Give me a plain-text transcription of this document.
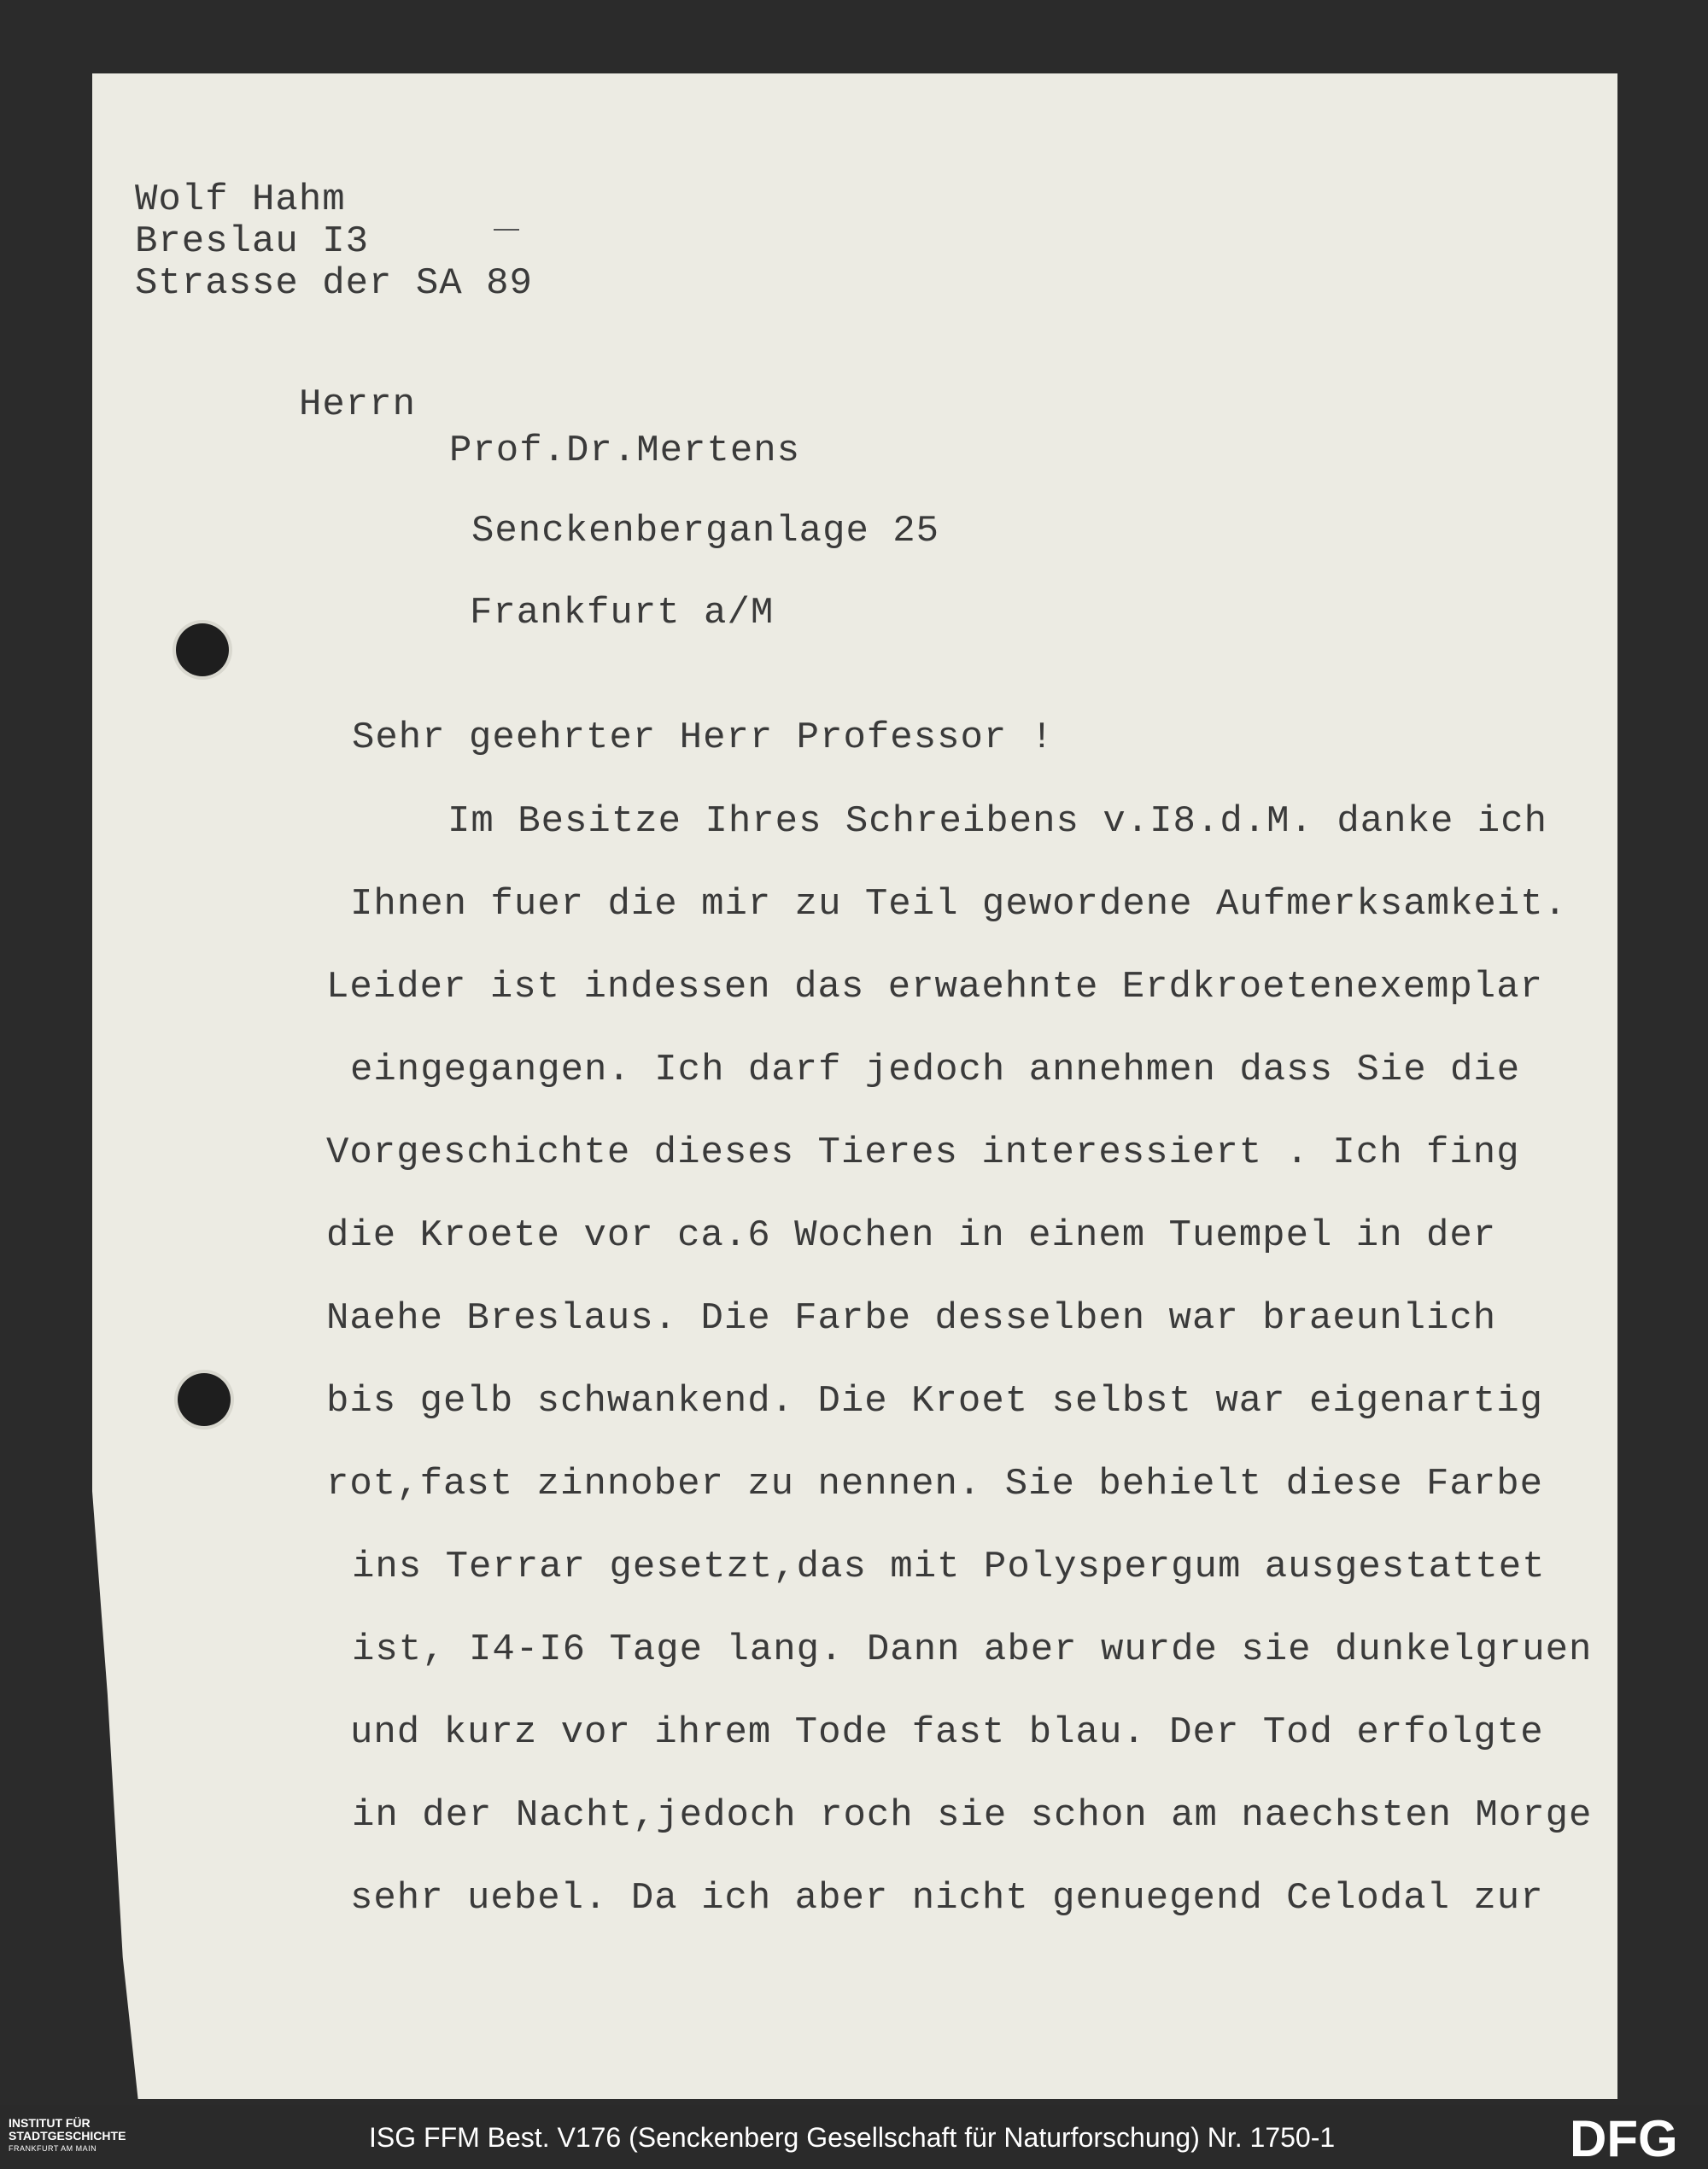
Wolf Hahm
Breslau I3
Strasse der SA 89
Herrn
Prof.Dr.Mertens
Senckenberganlage 25
Frankfurt a/M
Sehr geehrter Herr Professor !
Im Besitze Ihres Schreibens v.I8.d.M. danke ich
Ihnen fuer die mir zu Teil gewordene Aufmerksamkeit.
Leider ist indessen das erwaehnte Erdkroetenexemplar
eingegangen. Ich darf jedoch annehmen dass Sie die
Vorgeschichte dieses Tieres interessiert . Ich fing
die Kroete vor ca.6 Wochen in einem Tuempel in der
Naehe Breslaus. Die Farbe desselben war braeunlich
bis gelb schwankend. Die Kroet selbst war eigenartig
rot,fast zinnober zu nennen. Sie behielt diese Farbe
ins Terrar gesetzt,das mit Polyspergum ausgestattet
ist, I4-I6 Tage lang. Dann aber wurde sie dunkelgruen
und kurz vor ihrem Tode fast blau. Der Tod erfolgte
in der Nacht,jedoch roch sie schon am naechsten Morge
sehr uebel. Da ich aber nicht genuegend Celodal zur
INSTITUT FÜR
STADTGESCHICHTE
FRANKFURT AM MAIN	ISG FFM Best. V176 (Senckenberg Gesellschaft für Naturforschung) Nr. 1750-1	DFG
